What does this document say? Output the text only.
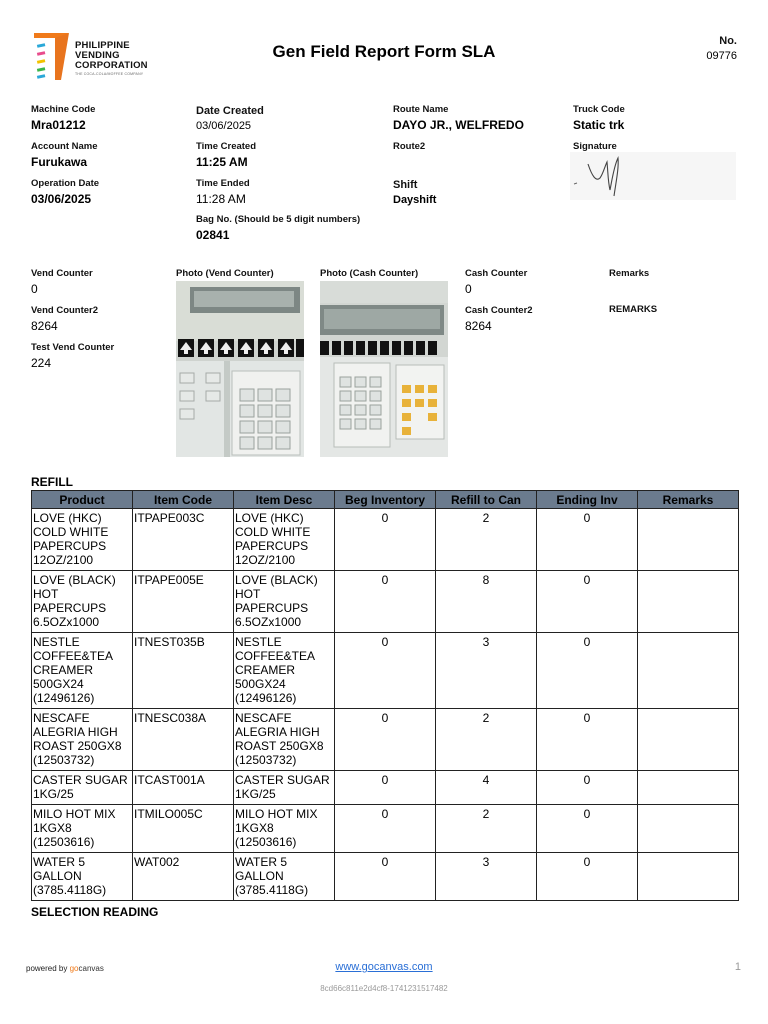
PHILIPPINE
VENDING
CORPORATION
THE COCA-COLA/MOFFEE COMPANY
Gen Field Report Form SLA
No.
09776
Machine Code
Mra01212
Account Name
Furukawa
Operation Date
03/06/2025
Date Created
03/06/2025
Time Created
11:25 AM
Time Ended
11:28 AM
Bag No. (Should be 5 digit numbers)
02841
Route Name
DAYO JR., WELFREDO
Route2
Shift
Dayshift
Truck Code
Static trk
Signature
Vend Counter
0
Vend Counter2
8264
Test Vend Counter
224
Photo (Vend Counter)	Photo (Cash Counter)	Cash Counter
0
Cash Counter2
8264
Remarks
REMARKS
REFILL
Product	Item Code	Item Desc	Beg Inventory	Refill to Can	Ending Inv	Remarks
LOVE (HKC) COLD WHITE PAPERCUPS 12OZ/2100	ITPAPE003C	LOVE (HKC) COLD WHITE PAPERCUPS 12OZ/2100	0	2	0	
LOVE (BLACK) HOT PAPERCUPS 6.5OZx1000	ITPAPE005E	LOVE (BLACK) HOT PAPERCUPS 6.5OZx1000	0	8	0	
NESTLE COFFEE&TEA CREAMER 500GX24 (12496126)	ITNEST035B	NESTLE COFFEE&TEA CREAMER 500GX24 (12496126)	0	3	0	
NESCAFE ALEGRIA HIGH ROAST 250GX8 (12503732)	ITNESC038A	NESCAFE ALEGRIA HIGH ROAST 250GX8 (12503732)	0	2	0	
CASTER SUGAR 1KG/25	ITCAST001A	CASTER SUGAR 1KG/25	0	4	0	
MILO HOT MIX 1KGX8 (12503616)	ITMILO005C	MILO HOT MIX 1KGX8 (12503616)	0	2	0	
WATER 5 GALLON (3785.4118G)	WAT002	WATER 5 GALLON (3785.4118G)	0	3	0	
SELECTION READING
powered by gocanvas	www.gocanvas.com	1
8cd66c811e2d4cf8-1741231517482
